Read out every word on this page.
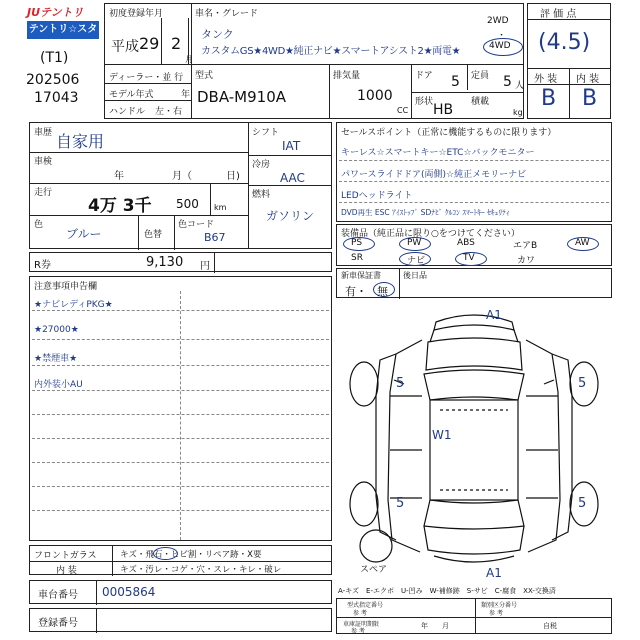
JUテントリ
テントリ☆スター
(T1)
202506
17043
初度登録年月
平成 29 2
月
車名・グレード
タンク
カスタムGS★4WD★純正ナビ★スマートアシスト2★両電★
2WD
・
4WD
ディーラー・並 行
モデル年式	年
ハンドル 左・右
型式
DBA-M910A
排気量
1000
CC
ドア 5 定員 5 人
形状 HB 積載
kg
評 価 点
(4.5)
外 装 内 装
B B
車歴 自家用
車検
年	月（	日)
走行
4万 3千 500 km
色
ブルー	色替
色コード
B67
シフト
IAT
冷房
AAC
燃料
ガソリン
R券	9,130 円
注意事項申告欄
★ナビレディPKG★
★27000★
★禁煙車★
内外装小AU
セールスポイント（正常に機能するものに限ります）
キーレス☆スマートキー☆ETC☆バックモニター
パワースライドドア(両側)☆純正メモリーナビ
LEDヘッドライト
DVD再生 ESC ｱｲｽﾄｯﾌﾟ SDﾅﾋﾞ ｸﾙｺﾝ ｽﾏｰﾄｷｰ ｾｷｭﾘﾃｨ
装備品（純正品に限り○をつけてください）
PS	PW	ABS	エアB	AW
SR	ナビ	TV	カワ
新車保証書
有・ 無
後日品
A1
W1
A1
5	5
5	5
スペア
A-キズ　E-エクボ　U-凹み　W-補修跡　S-サビ　C-腐食　XX-交換済
フロントガラス	キズ・飛石・ヒビ割・リペア跡・X要
内 装	キズ・汚レ・コゲ・穴・スレ・キレ・破レ
車台番号 0005864
登録番号
型式指定番号
参 考
類別区分番号
参 考
車庫証明期限
参 考
年　　月	自税
